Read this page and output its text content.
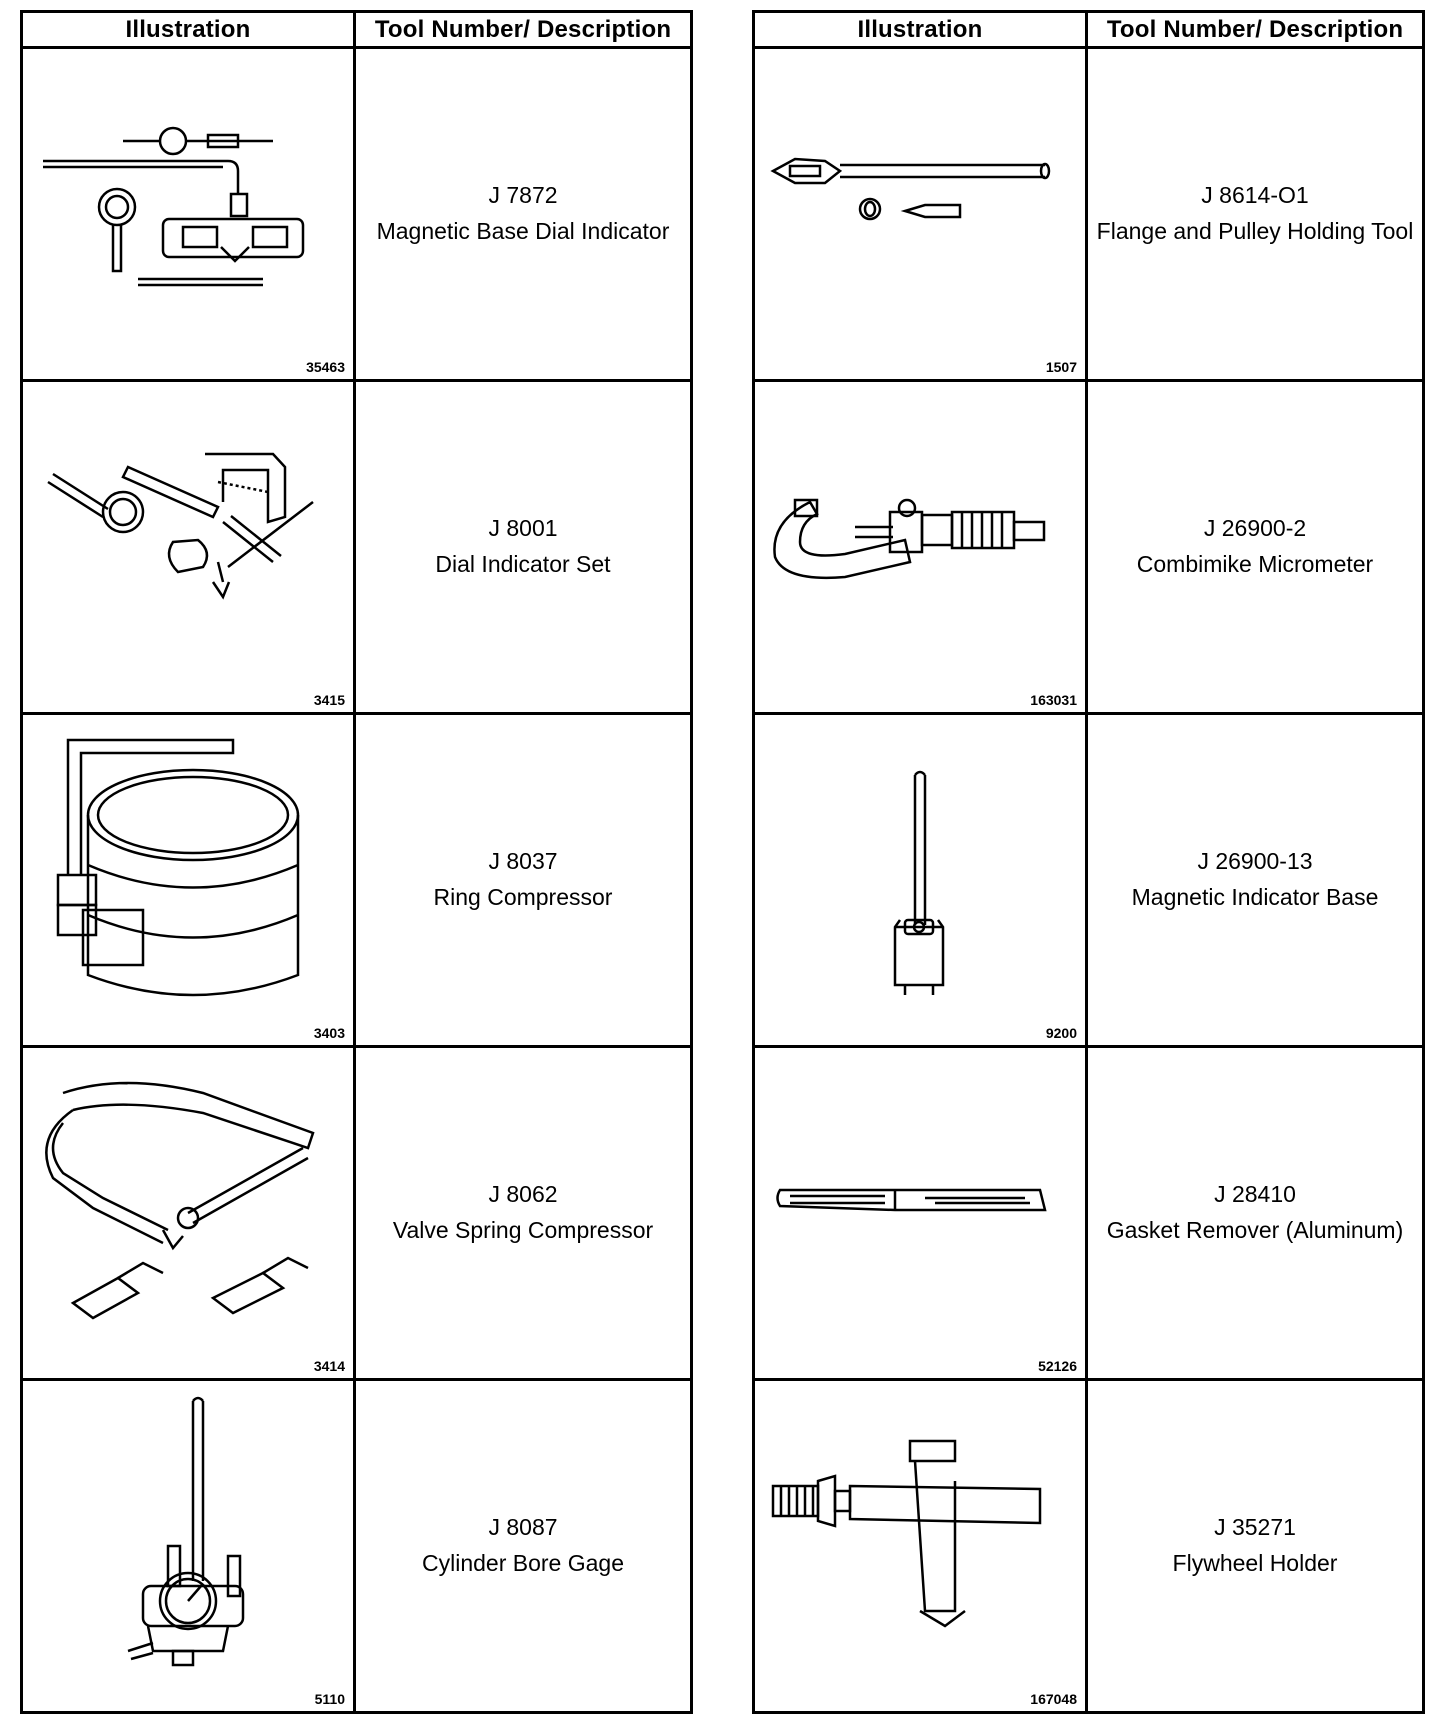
Illustration	Tool Number/ Description

35463	J 7872
Magnetic Base Dial Indicator

3415	J 8001
Dial Indicator Set

3403	J 8037
Ring Compressor

3414	J 8062
Valve Spring Compressor

5110	J 8087
Cylinder Bore Gage
Illustration	Tool Number/ Description

1507	J 8614-O1
Flange and Pulley Holding Tool

163031	J 26900-2
Combimike Micrometer

9200	J 26900-13
Magnetic Indicator Base

52126	J 28410
Gasket Remover (Aluminum)

167048	J 35271
Flywheel Holder
